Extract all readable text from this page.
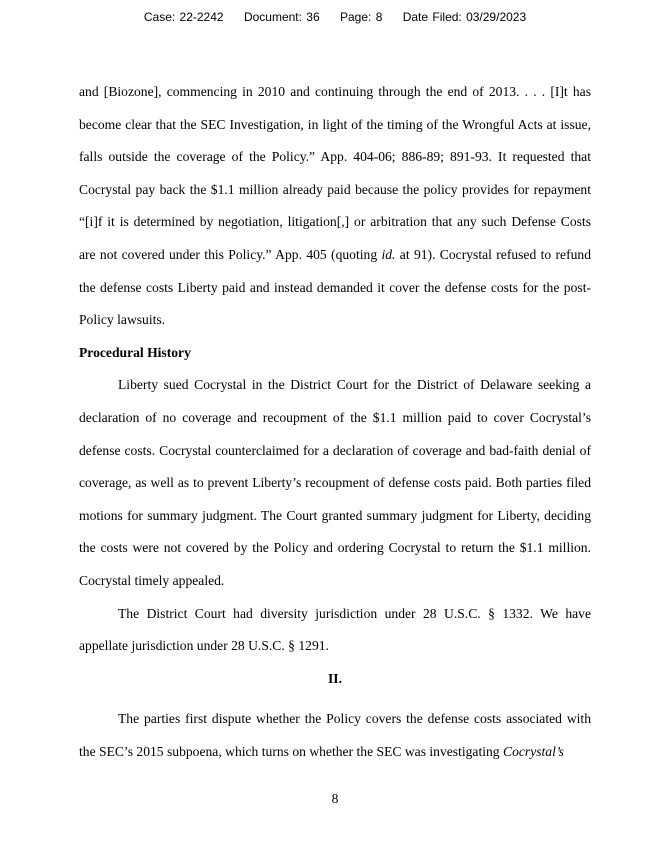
Case: 22-2242 Document: 36 Page: 8 Date Filed: 03/29/2023

and [Biozone], commencing in 2010 and continuing through the end of 2013. . . . [I]t has become clear that the SEC Investigation, in light of the timing of the Wrongful Acts at issue, falls outside the coverage of the Policy.” App. 404-06; 886-89; 891-93. It requested that Cocrystal pay back the $1.1 million already paid because the policy provides for repayment “[i]f it is determined by negotiation, litigation[,] or arbitration that any such Defense Costs are not covered under this Policy.” App. 405 (quoting id. at 91). Cocrystal refused to refund the defense costs Liberty paid and instead demanded it cover the defense costs for the post-Policy lawsuits.

Procedural History

Liberty sued Cocrystal in the District Court for the District of Delaware seeking a declaration of no coverage and recoupment of the $1.1 million paid to cover Cocrystal’s defense costs. Cocrystal counterclaimed for a declaration of coverage and bad-faith denial of coverage, as well as to prevent Liberty’s recoupment of defense costs paid. Both parties filed motions for summary judgment. The Court granted summary judgment for Liberty, deciding the costs were not covered by the Policy and ordering Cocrystal to return the $1.1 million. Cocrystal timely appealed.

The District Court had diversity jurisdiction under 28 U.S.C. § 1332. We have appellate jurisdiction under 28 U.S.C. § 1291.

II.

The parties first dispute whether the Policy covers the defense costs associated with the SEC’s 2015 subpoena, which turns on whether the SEC was investigating Cocrystal’s

8
